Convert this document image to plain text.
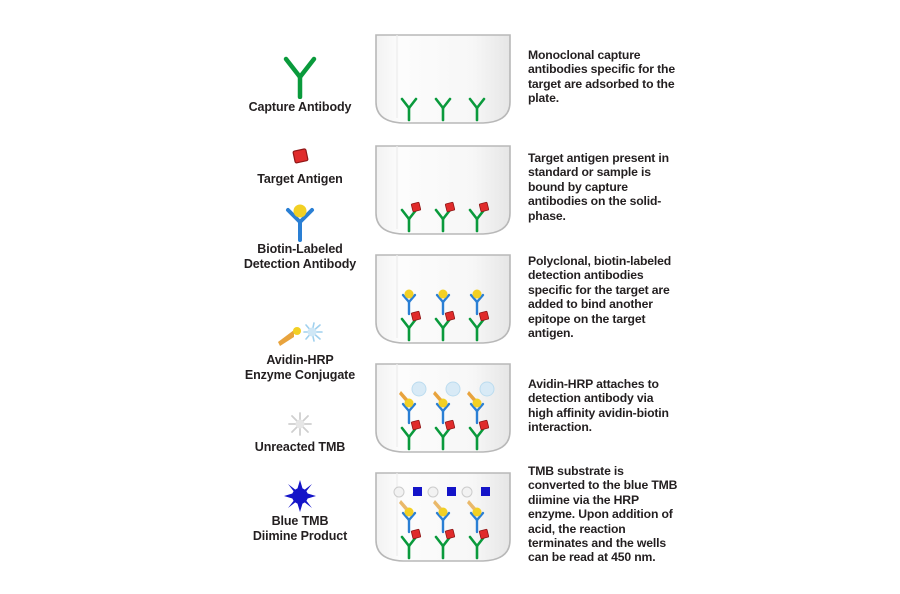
Capture Antibody
Target Antigen
Biotin-Labeled
Detection Antibody
Avidin-HRP
Enzyme Conjugate
Unreacted TMB
Blue TMB
Diimine Product
Monoclonal capture antibodies specific for the target are adsorbed to the plate.
Target antigen present in standard or sample is bound by capture antibodies on the solid-phase.
Polyclonal, biotin-labeled detection antibodies specific for the target are added to bind another epitope on the target antigen.
Avidin-HRP attaches to detection antibody via high affinity avidin-biotin interaction.
TMB substrate is converted to the blue TMB diimine via the HRP enzyme. Upon addition of acid, the reaction terminates and the wells can be read at 450 nm.
